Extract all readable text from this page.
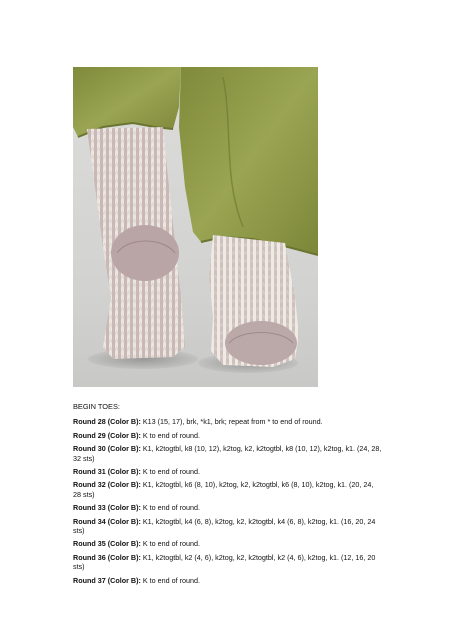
BEGIN TOES:

Round 28 (Color B): K13 (15, 17), brk, *k1, brk; repeat from * to end of round.

Round 29 (Color B): K to end of round.

Round 30 (Color B): K1, k2togtbl, k8 (10, 12), k2tog, k2, k2togtbl, k8 (10, 12), k2tog, k1. (24, 28, 32 sts)

Round 31 (Color B): K to end of round.

Round 32 (Color B): K1, k2togtbl, k6 (8, 10), k2tog, k2, k2togtbl, k6 (8, 10), k2tog, k1. (20, 24, 28 sts)

Round 33 (Color B): K to end of round.

Round 34 (Color B): K1, k2togtbl, k4 (6, 8), k2tog, k2, k2togtbl, k4 (6, 8), k2tog, k1. (16, 20, 24 sts)

Round 35 (Color B): K to end of round.

Round 36 (Color B): K1, k2togtbl, k2 (4, 6), k2tog, k2, k2togtbl, k2 (4, 6), k2tog, k1. (12, 16, 20 sts)

Round 37 (Color B): K to end of round.
